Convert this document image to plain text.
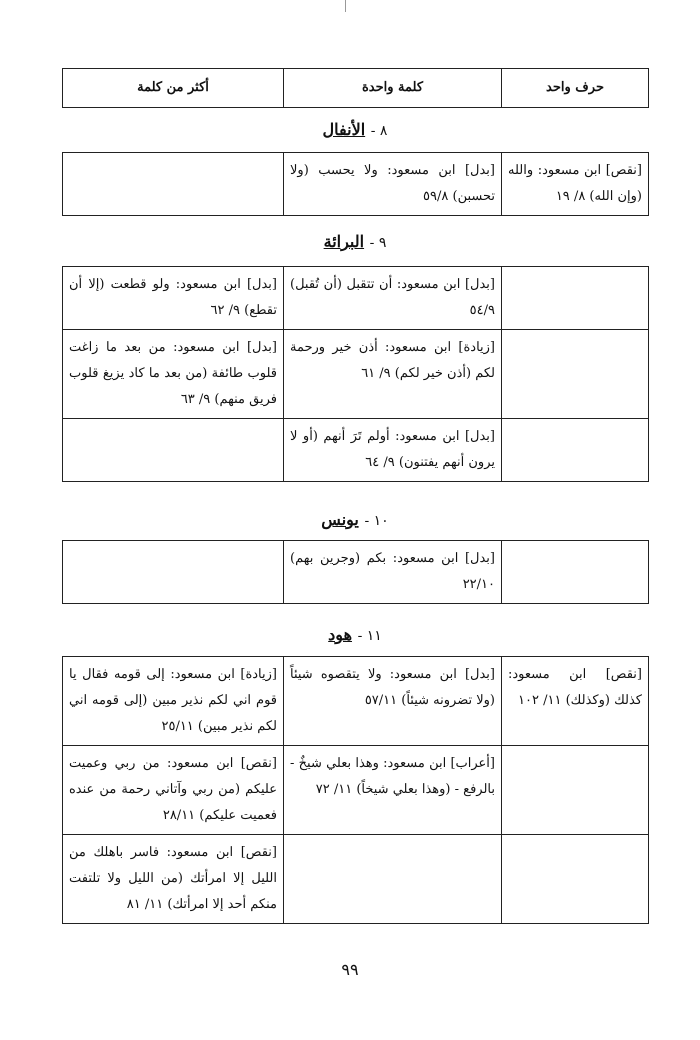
حرف واحد	كلمة واحدة	أكثر من كلمة
٨ - الأنفال
[نقص] ابن مسعود: والله (وإن الله) ٨/ ١٩	[بدل] ابن مسعود: ولا يحسب (ولا تحسبن) ٥٩/٨	
٩ - البرائة
	[بدل] ابن مسعود: أن تتقبل (أن تُقبل) ٥٤/٩	[بدل] ابن مسعود: ولو قطعت (إلا أن تقطع) ٩/ ٦٢
	[زيادة] ابن مسعود: أذن خير ورحمة لكم (أذن خير لكم) ٩/ ٦١	[بدل] ابن مسعود: من بعد ما زاغت قلوب طائفة (من بعد ما كاد يزيغ قلوب فريق منهم) ٩/ ٦٣
	[بدل] ابن مسعود: أولم تَرَ أنهم (أو لا يرون أنهم يفتنون) ٩/ ٦٤	
١٠ - يونس
	[بدل] ابن مسعود: بكم (وجرين بهم) ٢٢/١٠	
١١ - هود
[نقص] ابن مسعود: كذلك (وكذلك) ١١/ ١٠٢	[بدل] ابن مسعود: ولا يتقصوه شيئاً (ولا تضرونه شيئاً) ٥٧/١١	[زيادة] ابن مسعود: إلى قومه فقال يا قوم اني لكم نذير مبين (إلى قومه اني لكم نذير مبين) ٢٥/١١
	[أعراب] ابن مسعود: وهذا بعلي شيخٌ - بالرفع - (وهذا بعلي شيخاً) ١١/ ٧٢	[نقص] ابن مسعود: من ربي وعميت عليكم (من ربي وآتاني رحمة من عنده فعميت عليكم) ٢٨/١١
		[نقص] ابن مسعود: فاسر باهلك من الليل إلا امرأتك (من الليل ولا تلتفت منكم أحد إلا امرأتك) ١١/ ٨١
٩٩
